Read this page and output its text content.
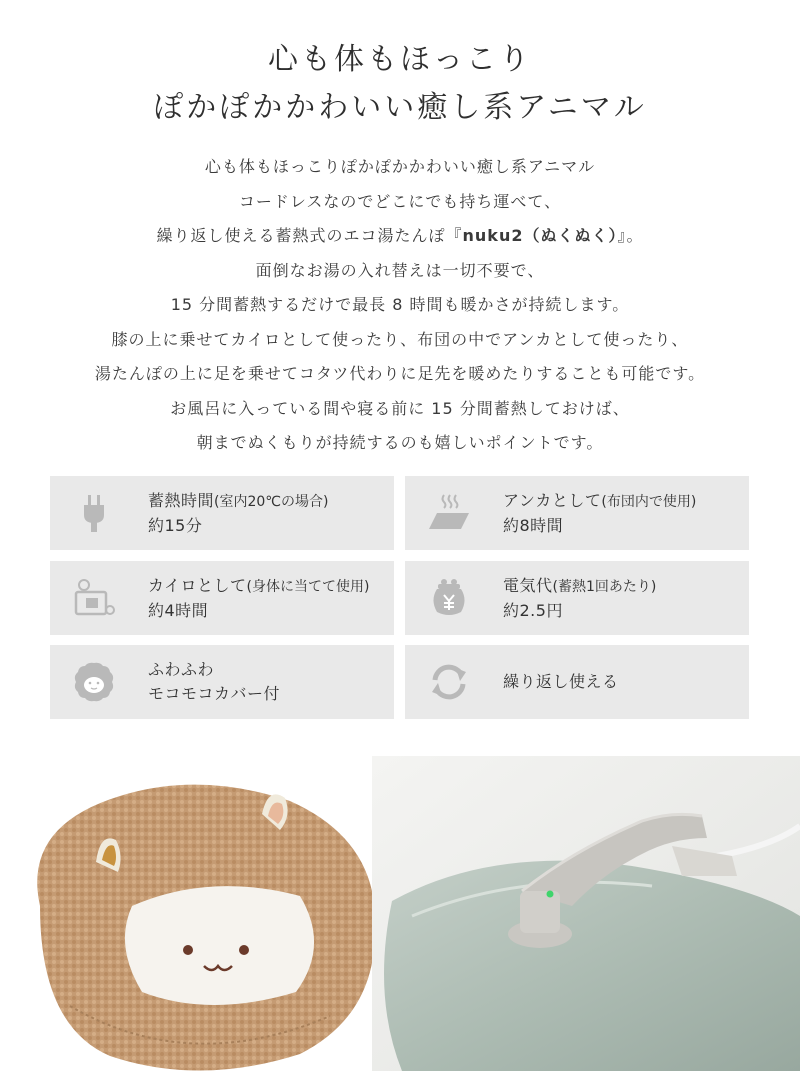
心も体もほっこり
ぽかぽかかわいい癒し系アニマル
心も体もほっこりぽかぽかかわいい癒し系アニマル
コードレスなのでどこにでも持ち運べて、
繰り返し使える蓄熱式のエコ湯たんぽ『nuku2（ぬくぬく）』。
面倒なお湯の入れ替えは一切不要で、
15 分間蓄熱するだけで最長 8 時間も暖かさが持続します。
膝の上に乗せてカイロとして使ったり、布団の中でアンカとして使ったり、
湯たんぽの上に足を乗せてコタツ代わりに足先を暖めたりすることも可能です。
お風呂に入っている間や寝る前に 15 分間蓄熱しておけば、
朝までぬくもりが持続するのも嬉しいポイントです。
蓄熱時間(室内20℃の場合)
約15分
アンカとして(布団内で使用)
約8時間
カイロとして(身体に当てて使用)
約4時間
電気代(蓄熱1回あたり)
約2.5円
ふわふわ
モコモコカバー付
繰り返し使える
